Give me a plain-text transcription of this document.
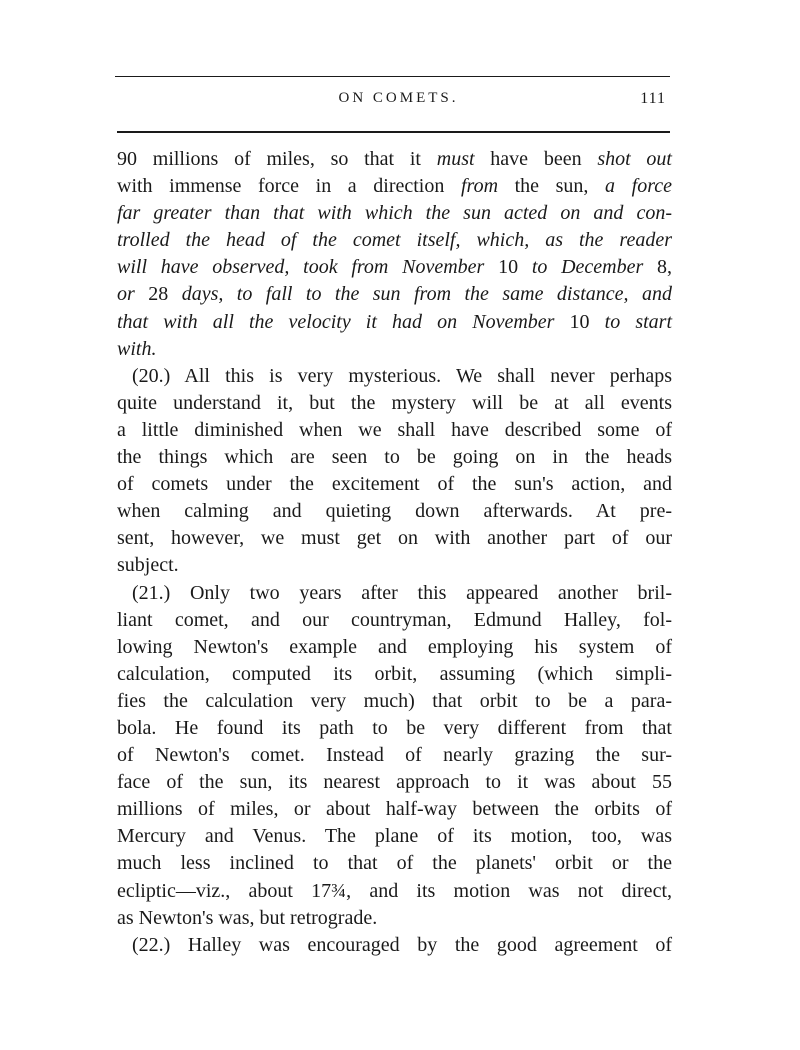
ON COMETS.	111
90 millions of miles, so that it must have been shot out
with immense force in a direction from the sun, a force
far greater than that with which the sun acted on and con-
trolled the head of the comet itself, which, as the reader
will have observed, took from November 10 to December 8,
or 28 days, to fall to the sun from the same distance, and
that with all the velocity it had on November 10 to start
with.
(20.) All this is very mysterious. We shall never perhaps
quite understand it, but the mystery will be at all events
a little diminished when we shall have described some of
the things which are seen to be going on in the heads
of comets under the excitement of the sun's action, and
when calming and quieting down afterwards. At pre-
sent, however, we must get on with another part of our
subject.
(21.) Only two years after this appeared another bril-
liant comet, and our countryman, Edmund Halley, fol-
lowing Newton's example and employing his system of
calculation, computed its orbit, assuming (which simpli-
fies the calculation very much) that orbit to be a para-
bola. He found its path to be very different from that
of Newton's comet. Instead of nearly grazing the sur-
face of the sun, its nearest approach to it was about 55
millions of miles, or about half-way between the orbits of
Mercury and Venus. The plane of its motion, too, was
much less inclined to that of the planets' orbit or the
ecliptic—viz., about 17¾, and its motion was not direct,
as Newton's was, but retrograde.
(22.) Halley was encouraged by the good agreement of
